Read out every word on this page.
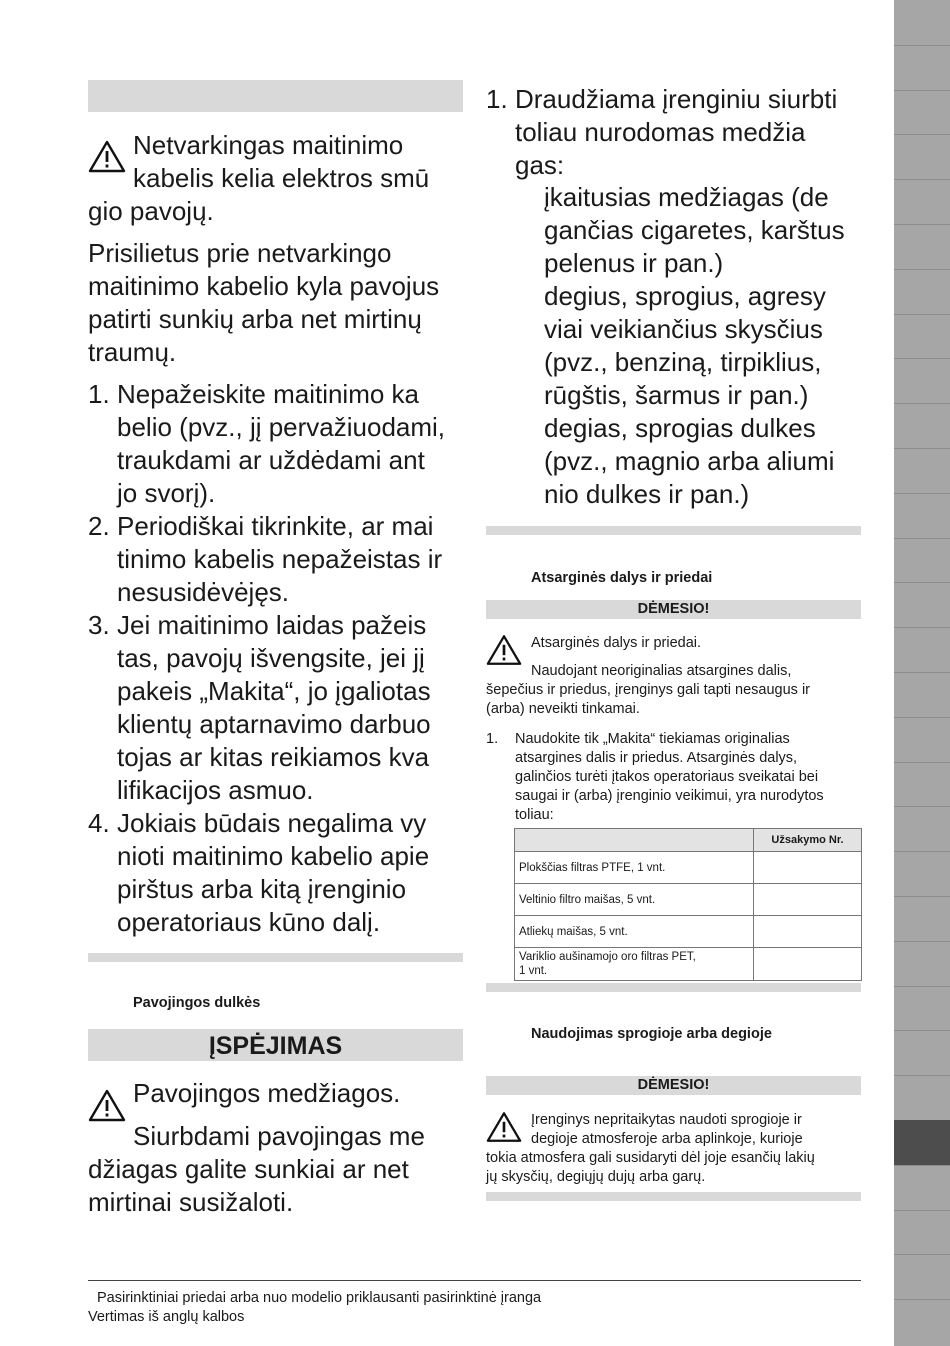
Netvarkingas maitinimo
kabelis kelia elektros smū
gio pavojų.
Prisilietus prie netvarkingo
maitinimo kabelio kyla pavojus
patirti sunkių arba net mirtinų
traumų.
1. Nepažeiskite maitinimo ka
belio (pvz., jį pervažiuodami,
traukdami ar uždėdami ant
jo svorį).
2. Periodiškai tikrinkite, ar mai
tinimo kabelis nepažeistas ir
nesusidėvėjęs.
3. Jei maitinimo laidas pažeis
tas, pavojų išvengsite, jei jį
pakeis „Makita“, jo įgaliotas
klientų aptarnavimo darbuo
tojas ar kitas reikiamos kva
lifikacijos asmuo.
4. Jokiais būdais negalima vy
nioti maitinimo kabelio apie
pirštus arba kitą įrenginio
operatoriaus kūno dalį.
Pavojingos dulkės
ĮSPĖJIMAS
Pavojingos medžiagos.
Siurbdami pavojingas me
džiagas galite sunkiai ar net
mirtinai susižaloti.
1. Draudžiama įrenginiu siurbti
toliau nurodomas medžia
gas:
įkaitusias medžiagas (de
gančias cigaretes, karštus
pelenus ir pan.)
degius, sprogius, agresy
viai veikiančius skysčius
(pvz., benziną, tirpiklius,
rūgštis, šarmus ir pan.)
degias, sprogias dulkes
(pvz., magnio arba aliumi
nio dulkes ir pan.)
Atsarginės dalys ir priedai
DĖMESIO!
Atsarginės dalys ir priedai.
Naudojant neoriginalias atsargines dalis,
šepečius ir priedus, įrenginys gali tapti nesaugus ir
(arba) neveikti tinkamai.
1. Naudokite tik „Makita“ tiekiamas originalias
atsargines dalis ir priedus. Atsarginės dalys,
galinčios turėti įtakos operatoriaus sveikatai bei
saugai ir (arba) įrenginio veikimui, yra nurodytos
toliau:
	Užsakymo Nr.
Plokščias filtras PTFE, 1 vnt.	
Veltinio filtro maišas, 5 vnt.	
Atliekų maišas, 5 vnt.	
Variklio aušinamojo oro filtras PET,
1 vnt.	
Naudojimas sprogioje arba degioje
DĖMESIO!
Įrenginys nepritaikytas naudoti sprogioje ir
degioje atmosferoje arba aplinkoje, kurioje
tokia atmosfera gali susidaryti dėl joje esančių lakių
jų skysčių, degiųjų dujų arba garų.
Pasirinktiniai priedai arba nuo modelio priklausanti pasirinktinė įranga
Vertimas iš anglų kalbos
